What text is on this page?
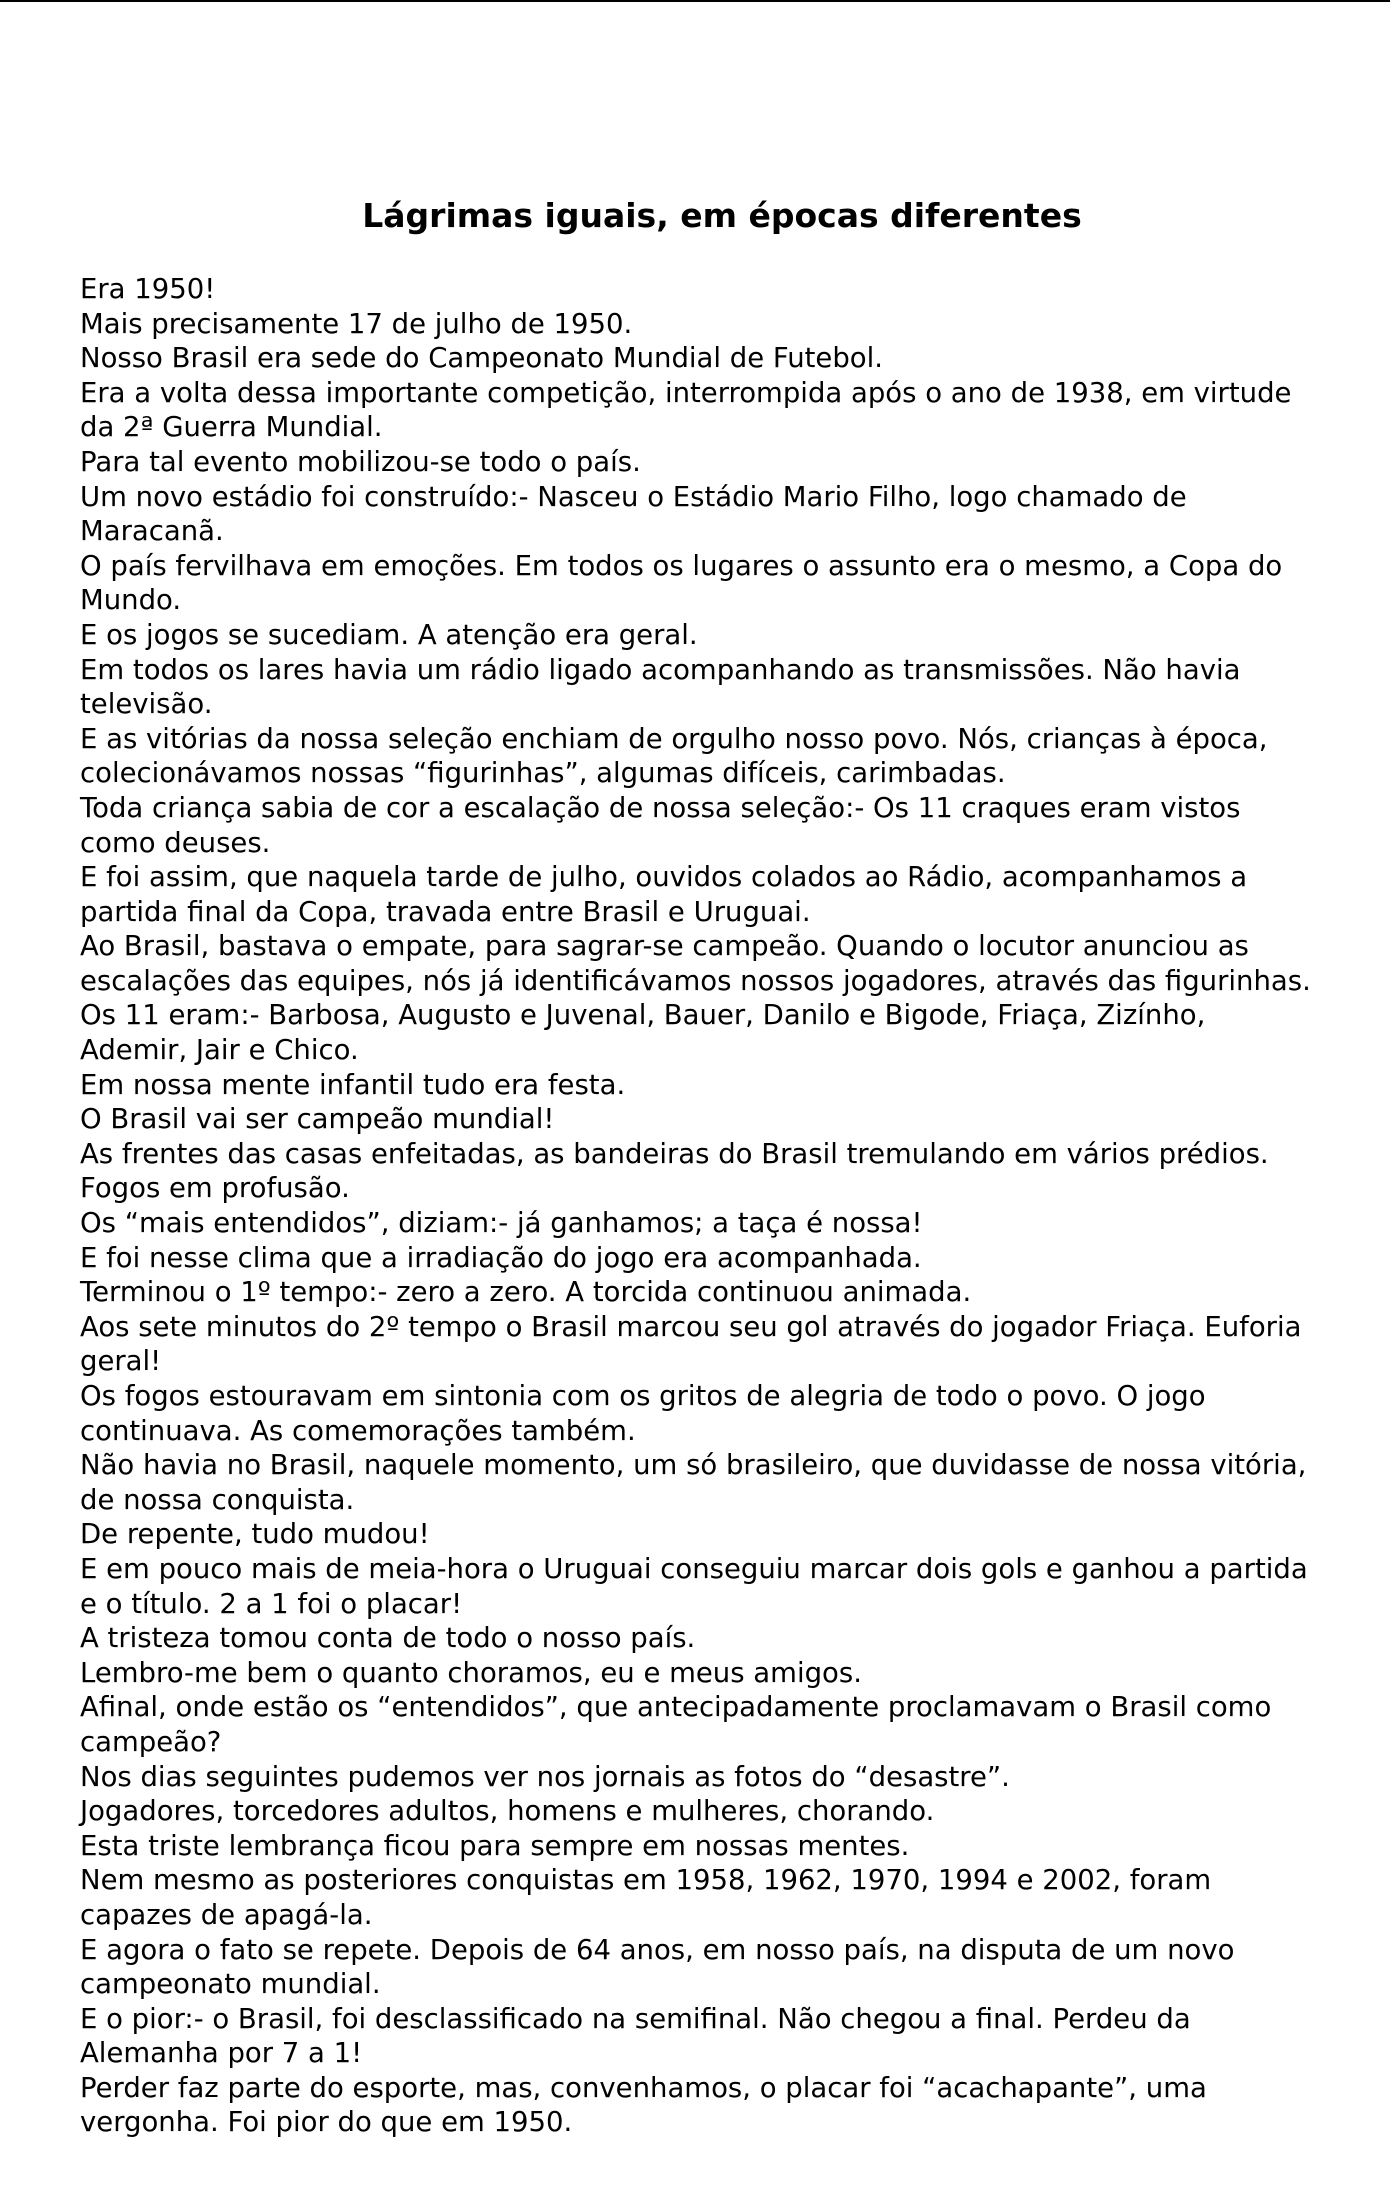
Lágrimas iguais, em épocas diferentes

Era 1950!

Mais precisamente 17 de julho de 1950.

Nosso Brasil era sede do Campeonato Mundial de Futebol.

Era a volta dessa importante competição, interrompida após o ano de 1938, em virtude da 2ª Guerra Mundial.

Para tal evento mobilizou-se todo o país.

Um novo estádio foi construído:- Nasceu o Estádio Mario Filho, logo chamado de Maracanã.

O país fervilhava em emoções. Em todos os lugares o assunto era o mesmo, a Copa do Mundo.

E os jogos se sucediam. A atenção era geral.

Em todos os lares havia um rádio ligado acompanhando as transmissões. Não havia televisão.

E as vitórias da nossa seleção enchiam de orgulho nosso povo. Nós, crianças à época, colecionávamos nossas “figurinhas”, algumas difíceis, carimbadas.

Toda criança sabia de cor a escalação de nossa seleção:- Os 11 craques eram vistos como deuses.

E foi assim, que naquela tarde de julho, ouvidos colados ao Rádio, acompanhamos a partida final da Copa, travada entre Brasil e Uruguai.

Ao Brasil, bastava o empate, para sagrar-se campeão. Quando o locutor anunciou as escalações das equipes, nós já identificávamos nossos jogadores, através das figurinhas.

Os 11 eram:- Barbosa, Augusto e Juvenal, Bauer, Danilo e Bigode, Friaça, Zizínho, Ademir, Jair e Chico.

Em nossa mente infantil tudo era festa.

O Brasil vai ser campeão mundial!

As frentes das casas enfeitadas, as bandeiras do Brasil tremulando em vários prédios. Fogos em profusão.

Os “mais entendidos”, diziam:- já ganhamos; a taça é nossa!

E foi nesse clima que a irradiação do jogo era acompanhada.

Terminou o 1º tempo:- zero a zero. A torcida continuou animada.

Aos sete minutos do 2º tempo o Brasil marcou seu gol através do jogador Friaça. Euforia geral!

Os fogos estouravam em sintonia com os gritos de alegria de todo o povo. O jogo continuava. As comemorações também.

Não havia no Brasil, naquele momento, um só brasileiro, que duvidasse de nossa vitória, de nossa conquista.

De repente, tudo mudou!

E em pouco mais de meia-hora o Uruguai conseguiu marcar dois gols e ganhou a partida e o título. 2 a 1 foi o placar!

A tristeza tomou conta de todo o nosso país.

Lembro-me bem o quanto choramos, eu e meus amigos.

Afinal, onde estão os “entendidos”, que antecipadamente proclamavam o Brasil como campeão?

Nos dias seguintes pudemos ver nos jornais as fotos do “desastre”.

Jogadores, torcedores adultos, homens e mulheres, chorando.

Esta triste lembrança ficou para sempre em nossas mentes.

Nem mesmo as posteriores conquistas em 1958, 1962, 1970, 1994 e 2002, foram capazes de apagá-la.

E agora o fato se repete. Depois de 64 anos, em nosso país, na disputa de um novo campeonato mundial.

E o pior:- o Brasil, foi desclassificado na semifinal. Não chegou a final. Perdeu da Alemanha por 7 a 1!

Perder faz parte do esporte, mas, convenhamos, o placar foi “acachapante”, uma vergonha. Foi pior do que em 1950.
